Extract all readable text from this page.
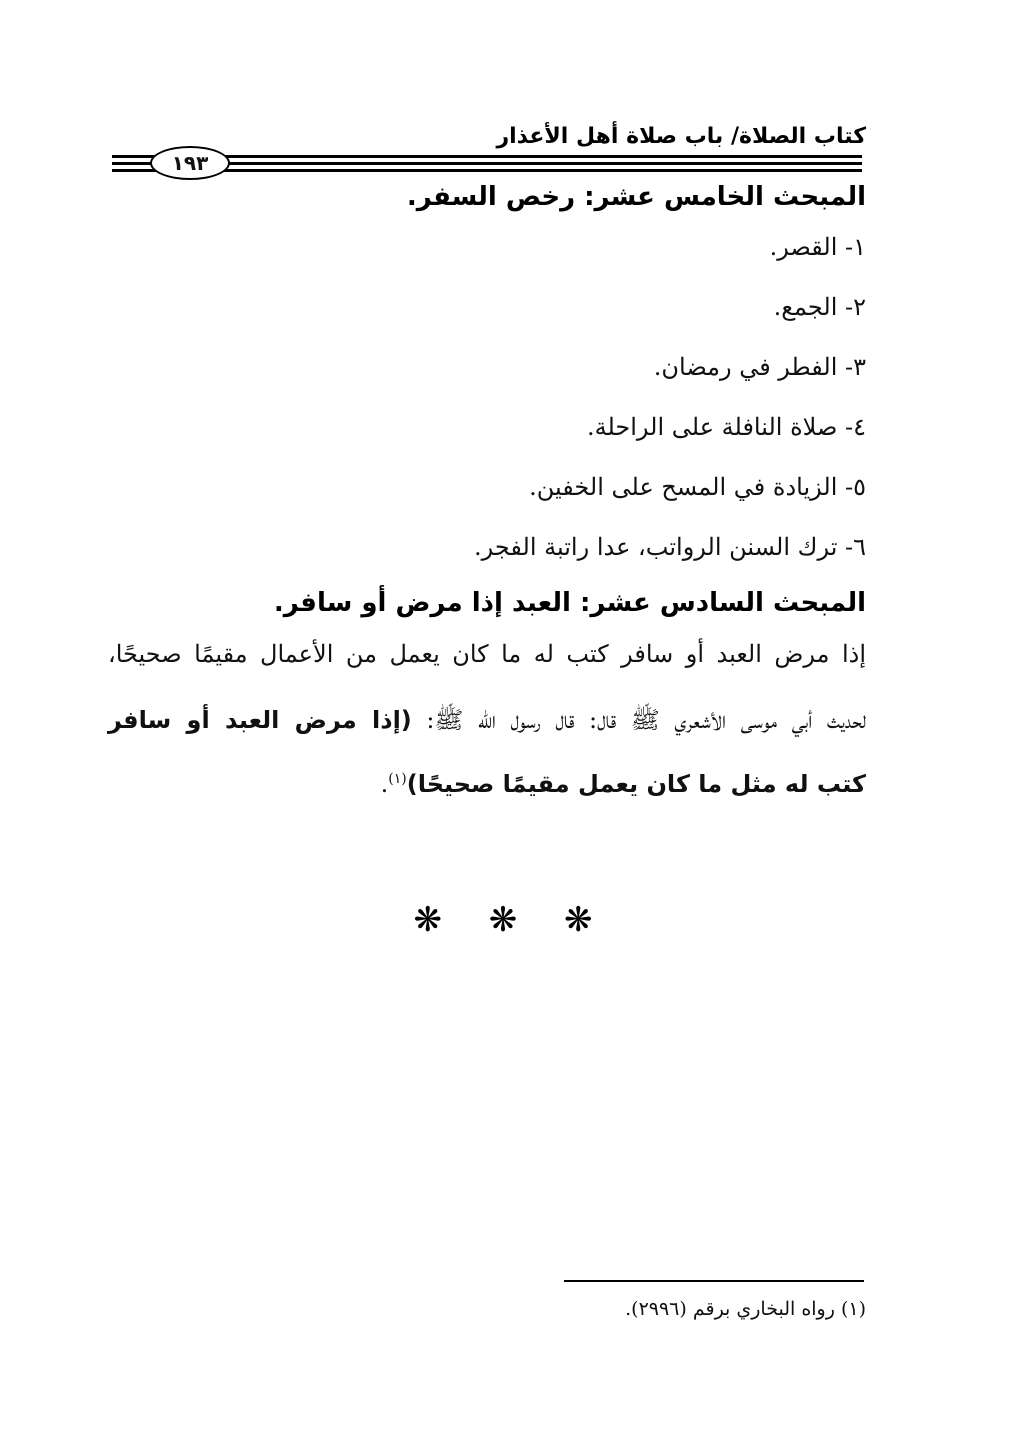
كتاب الصلاة/ باب صلاة أهل الأعذار
١٩٣
المبحث الخامس عشر: رخص السفر.
١- القصر.
٢- الجمع.
٣- الفطر في رمضان.
٤- صلاة النافلة على الراحلة.
٥- الزيادة في المسح على الخفين.
٦- ترك السنن الرواتب، عدا راتبة الفجر.
المبحث السادس عشر: العبد إذا مرض أو سافر.
إذا مرض العبد أو سافر كتب له ما كان يعمل من الأعمال مقيمًا صحيحًا،
لحديث أبي موسى الأشعري ﷺ قال: قال رسول الله ﷺ: (إذا مرض العبد أو سافر
كتب له مثل ما كان يعمل مقيمًا صحيحًا)$^{(١)}$.
❋ ❋ ❋
(١) رواه البخاري برقم (٢٩٩٦).
